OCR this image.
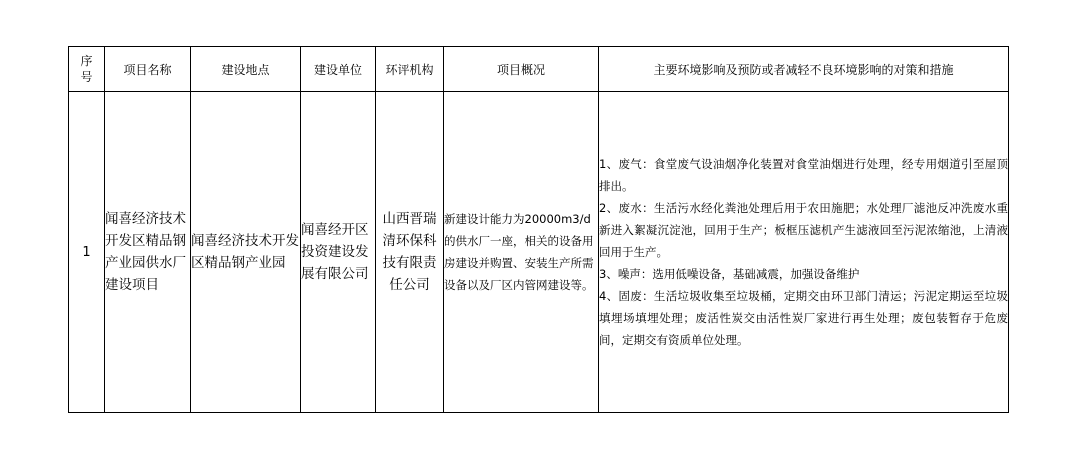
序号	项目名称	建设地点	建设单位	环评机构	项目概况	主要环境影响及预防或者减轻不良环境影响的对策和措施
1	闻喜经济技术开发区精品钢产业园供水厂建设项目	闻喜经济技术开发区精品钢产业园	闻喜经开区投资建设发展有限公司	山西晋瑞清环保科技有限责任公司	新建设计能力为20000m3/d的供水厂一座，相关的设备用房建设并购置、安装生产所需设备以及厂区内管网建设等。	1、废气：食堂废气设油烟净化装置对食堂油烟进行处理，经专用烟道引至屋顶排出。
2、废水：生活污水经化粪池处理后用于农田施肥；水处理厂滤池反冲洗废水重新进入絮凝沉淀池，回用于生产；板框压滤机产生滤液回至污泥浓缩池，上清液回用于生产。
3、噪声：选用低噪设备，基础减震，加强设备维护
4、固废：生活垃圾收集至垃圾桶，定期交由环卫部门清运；污泥定期运至垃圾填埋场填埋处理；废活性炭交由活性炭厂家进行再生处理；废包装暂存于危废间，定期交有资质单位处理。
